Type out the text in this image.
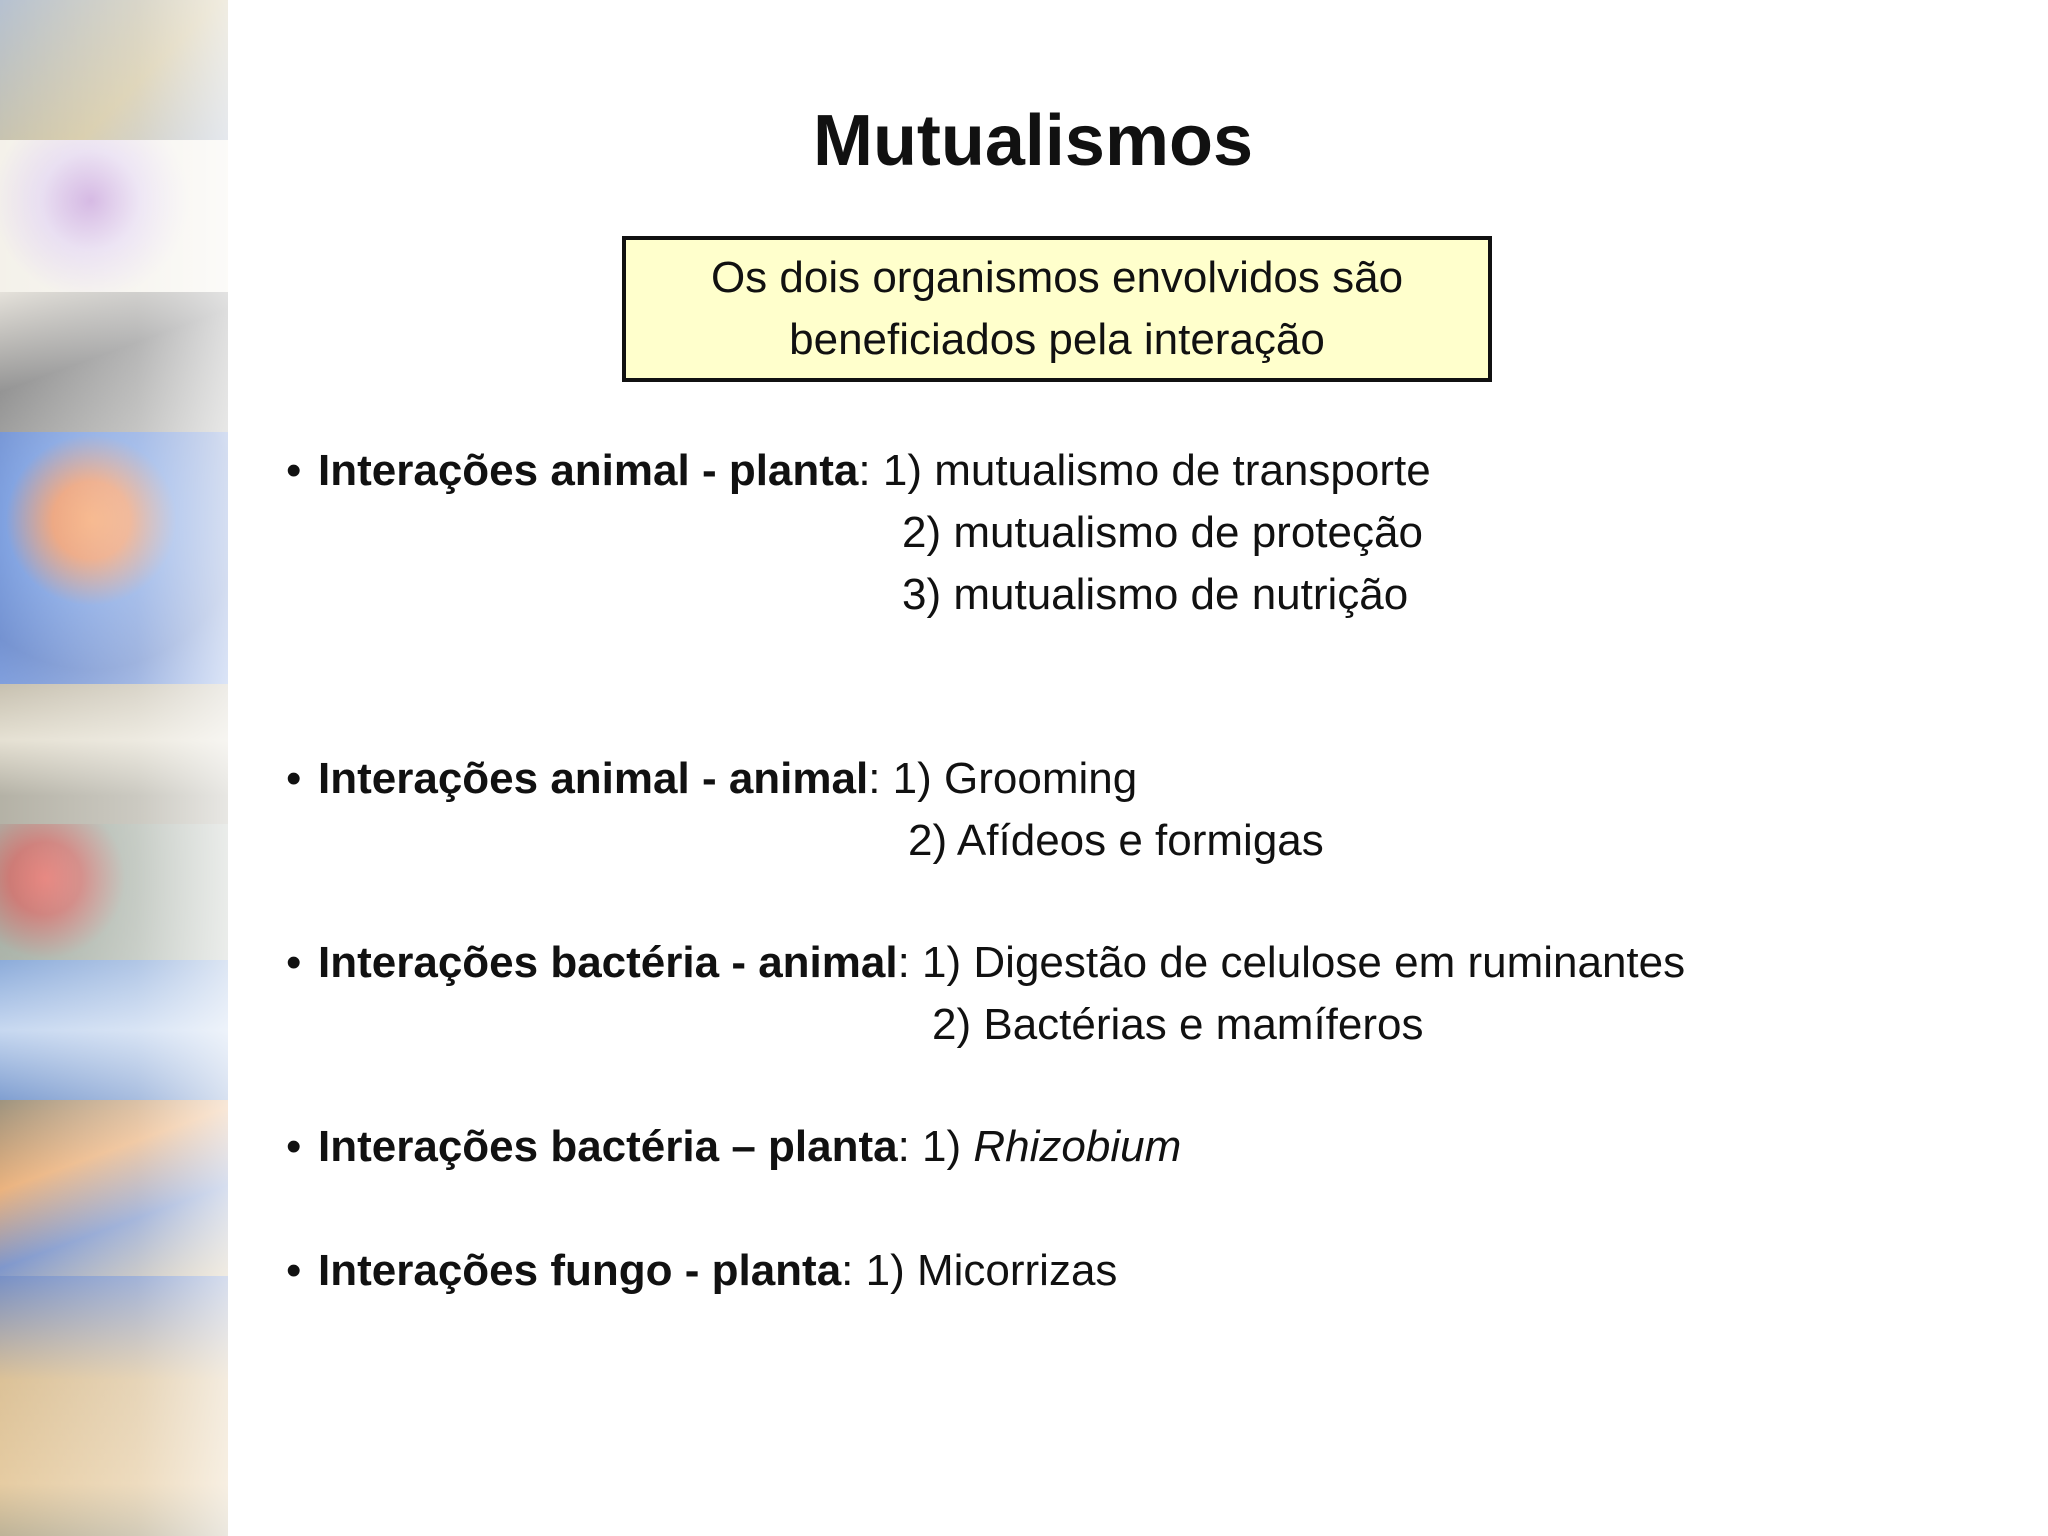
Mutualismos
Os dois organismos envolvidos são
beneficiados pela interação
• Interações animal - planta: 1) mutualismo de transporte
2) mutualismo de proteção
3) mutualismo de nutrição
• Interações animal - animal: 1) Grooming
2) Afídeos e formigas
• Interações bactéria - animal: 1) Digestão de celulose em ruminantes
2) Bactérias e mamíferos
• Interações bactéria – planta: 1) Rhizobium
• Interações fungo - planta: 1) Micorrizas
